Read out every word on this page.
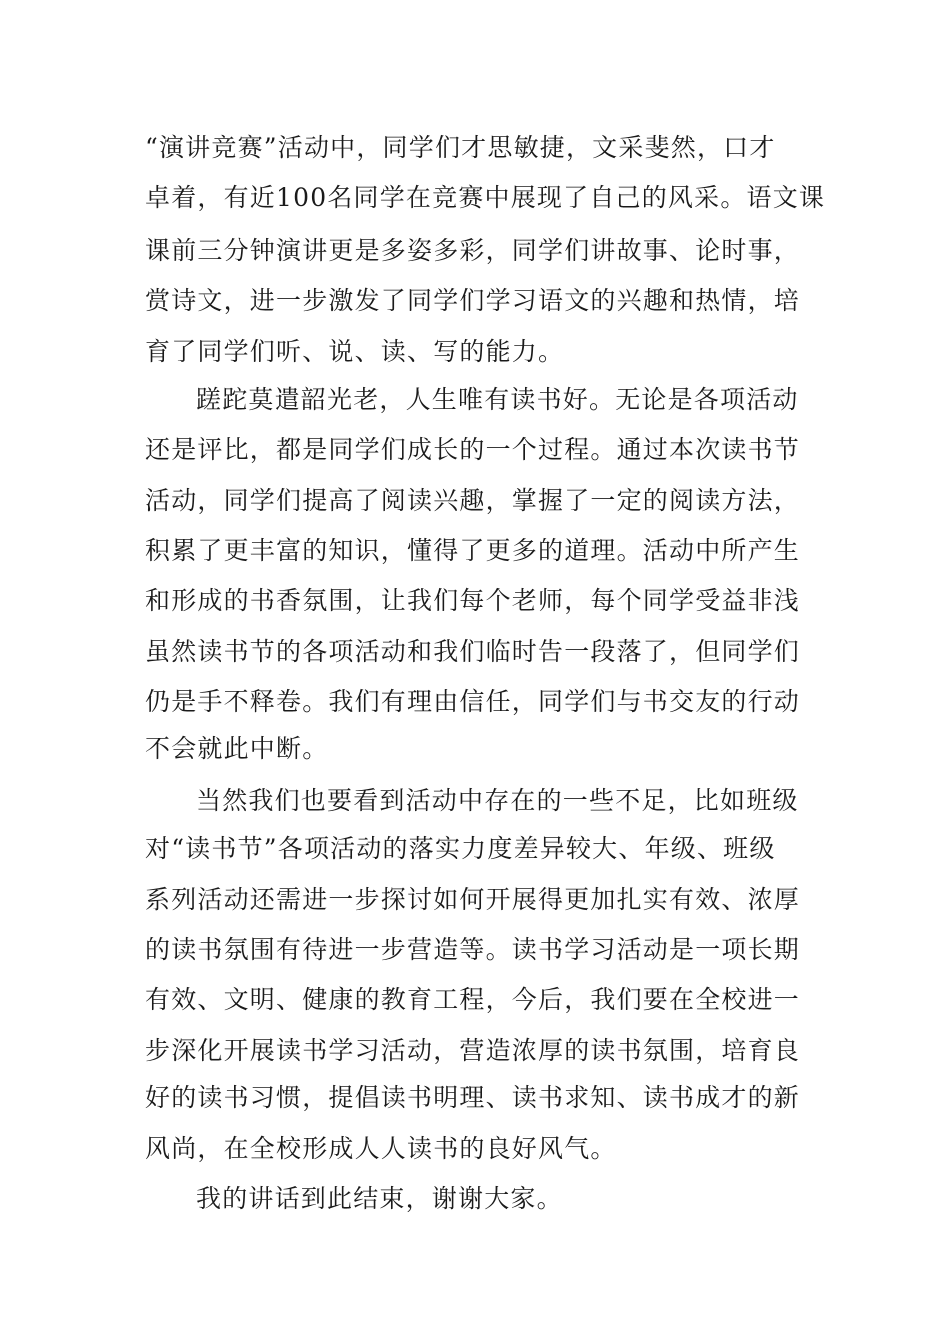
“演讲竞赛”活动中，同学们才思敏捷，文采斐然，口才
卓着，有近100名同学在竞赛中展现了自己的风采。语文课
课前三分钟演讲更是多姿多彩，同学们讲故事、论时事，
赏诗文，进一步激发了同学们学习语文的兴趣和热情，培
育了同学们听、说、读、写的能力。
蹉跎莫遣韶光老，人生唯有读书好。无论是各项活动
还是评比，都是同学们成长的一个过程。通过本次读书节
活动，同学们提高了阅读兴趣，掌握了一定的阅读方法，
积累了更丰富的知识，懂得了更多的道理。活动中所产生
和形成的书香氛围，让我们每个老师，每个同学受益非浅
虽然读书节的各项活动和我们临时告一段落了，但同学们
仍是手不释卷。我们有理由信任，同学们与书交友的行动
不会就此中断。
当然我们也要看到活动中存在的一些不足，比如班级
对“读书节”各项活动的落实力度差异较大、年级、班级
系列活动还需进一步探讨如何开展得更加扎实有效、浓厚
的读书氛围有待进一步营造等。读书学习活动是一项长期
有效、文明、健康的教育工程，今后，我们要在全校进一
步深化开展读书学习活动，营造浓厚的读书氛围，培育良
好的读书习惯，提倡读书明理、读书求知、读书成才的新
风尚，在全校形成人人读书的良好风气。
我的讲话到此结束，谢谢大家。
